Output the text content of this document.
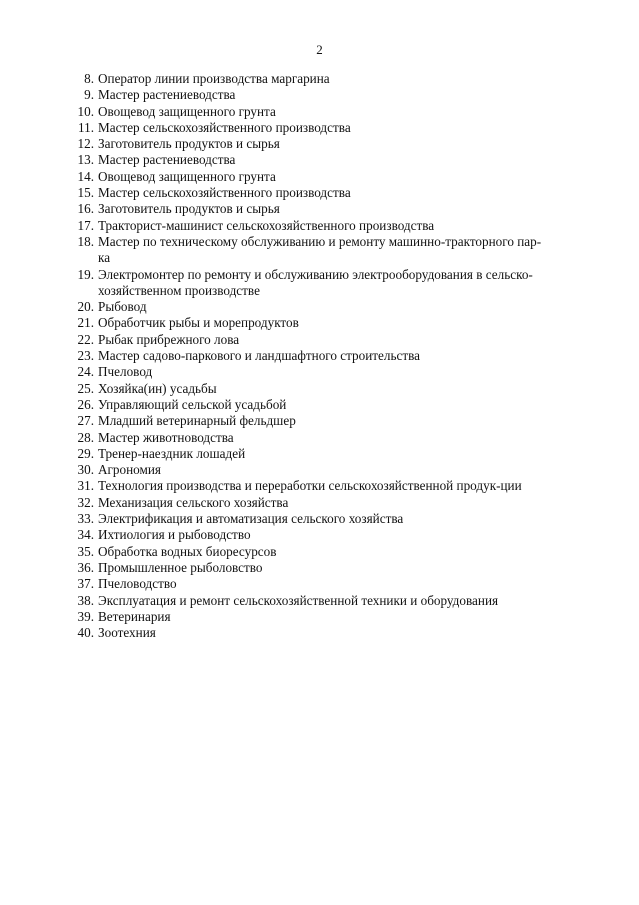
2
8. Оператор линии производства маргарина
9. Мастер растениеводства
10. Овощевод защищенного грунта
11. Мастер сельскохозяйственного производства
12. Заготовитель продуктов и сырья
13. Мастер растениеводства
14. Овощевод защищенного грунта
15. Мастер сельскохозяйственного производства
16. Заготовитель продуктов и сырья
17. Тракторист-машинист сельскохозяйственного производства
18. Мастер по техническому обслуживанию и ремонту машинно-тракторного пар-
ка
19. Электромонтер по ремонту и обслуживанию электрооборудования в сельско-
хозяйственном производстве
20. Рыбовод
21. Обработчик рыбы и морепродуктов
22. Рыбак прибрежного лова
23. Мастер садово-паркового и ландшафтного строительства
24. Пчеловод
25. Хозяйка(ин) усадьбы
26. Управляющий сельской усадьбой
27. Младший ветеринарный фельдшер
28. Мастер животноводства
29. Тренер-наездник лошадей
30. Агрономия
31. Технология производства и переработки сельскохозяйственной продук-ции
32. Механизация сельского хозяйства
33. Электрификация и автоматизация сельского хозяйства
34. Ихтиология и рыбоводство
35. Обработка водных биоресурсов
36. Промышленное рыболовство
37. Пчеловодство
38. Эксплуатация и ремонт сельскохозяйственной техники и оборудования
39. Ветеринария
40. Зоотехния
